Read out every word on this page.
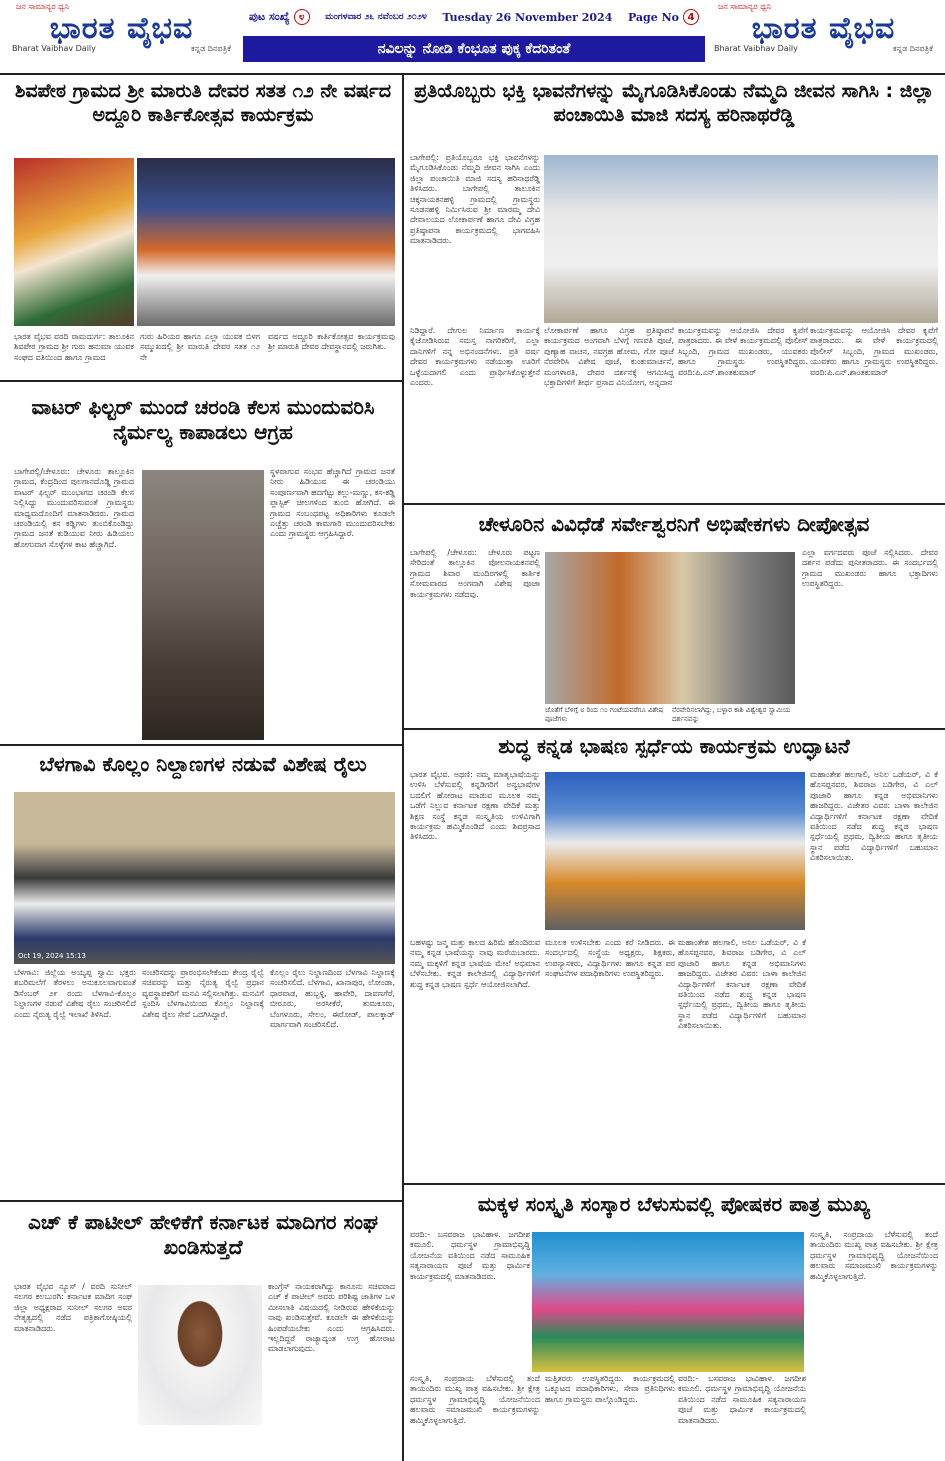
ಜನ ಸಾಮಾನ್ಯರ ಧ್ವನಿ
ಭಾರತ ವೈಭವ
Bharat Vaibhav Daily	ಕನ್ನಡ ದಿನಪತ್ರಿಕೆ
ಪುಟ ಸಂಖ್ಯೆ ೪	ಮಂಗಳವಾರ ೨೬ ನವೆಂಬರ ೨೦೨೪ Tuesday 26 November 2024 Page No 4
ನವಿಲನ್ನು ನೋಡಿ ಕೆಂಭೂತ ಪುಕ್ಕ ಕೆದರಿತಂತೆ
ಜನ ಸಾಮಾನ್ಯರ ಧ್ವನಿ
ಭಾರತ ವೈಭವ
Bharat Vaibhav Daily	ಕನ್ನಡ ದಿನಪತ್ರಿಕೆ
ಶಿವಪೇಠ ಗ್ರಾಮದ ಶ್ರೀ ಮಾರುತಿ ದೇವರ ಸತತ ೧೨ ನೇ ವರ್ಷದ ಅದ್ದೂರಿ ಕಾರ್ತಿಕೋತ್ಸವ ಕಾರ್ಯಕ್ರಮ
ಭಾರತ ವೈಭವ ವರದಿ ರಾಮದುರ್ಗ: ತಾಲೂಕಿನ ಶಿವಪೇಠ ಗ್ರಾಮದ ಶ್ರೀ ಗುರು ಹನುಮಾ ಯುವಕ ಸಂಘದ ವತಿಯಿಂದ ಹಾಗೂ ಗ್ರಾಮದ
ಗುರು ಹಿರಿಯರ ಹಾಗೂ ಎಲ್ಲಾ ಯುವಕ ಬಿಳಗ ಸಮ್ಮುಖದಲ್ಲಿ ಶ್ರೀ ಮಾರುತಿ ದೇವರ ಸತತ ೧೨ ನೇ
ವರ್ಷದ ಅದ್ದೂರಿ ಕಾರ್ತಿಕೋತ್ಸವ ಕಾರ್ಯಕ್ರಮವು ಶ್ರೀ ಮಾರುತಿ ದೇವರ ದೇವಸ್ಥಾನದಲ್ಲಿ ಜರುಗಿತು.
ವಾಟರ್ ಫಿಲ್ಟರ್ ಮುಂದೆ ಚರಂಡಿ ಕೆಲಸ ಮುಂದುವರಿಸಿ ನೈರ್ಮಲ್ಯ ಕಾಪಾಡಲು ಆಗ್ರಹ
ಬಾಗೇಪಲ್ಲಿ/ಚೇಳೂರು: ಚೇಳೂರು ತಾಲ್ಲೂಕಿನ ಗ್ರಾಮದ, ಕೆಂದ್ರದಿಂದ ಪುಲಗಾನದೊಡ್ಡಿ ಗ್ರಾಮದ ವಾಟರ್ ಫಿಲ್ಟರ್ ಮುಂಭಾಗದ ಚರಂಡಿ ಕೆಲಸ ನಿಲ್ಲಿಸಿದ್ದು ಮುಂದುವರಿಸುವಂತೆ ಗ್ರಾಮಸ್ಥರು ಮಾಧ್ಯಮದೊಂದಿಗೆ ಮಾತನಾಡಿದರು. ಗ್ರಾಮದ ಚರಂಡಿಯಲ್ಲಿ ಕಸ ಕಡ್ಡಿಗಳು ತುಂಬಿಕೊಂಡಿದ್ದು ಗ್ರಾಮದ ಜನತೆ ಕುಡಿಯುವ ನೀರು ಹಿಡಿಯಲು ಹೋಗುವಾಗ ಸೊಳ್ಳೆಗಳ ಕಾಟ ಹೆಚ್ಚಾಗಿದೆ.
ಸ್ಥಳವಾಗುವ ಸಂಭವ ಹೆಚ್ಚಾಗಿದೆ ಗ್ರಾಮದ ಜನತೆ ನೀರು ಹಿಡಿಯುವ ಈ ಚರಂಡಿಯು ಸಂಪೂರ್ಣವಾಗಿ ಹದಗೆಟ್ಟು ಕಲ್ಲು-ಮಣ್ಣು, ಕಸ-ಕಡ್ಡಿ ಪ್ಲಾಸ್ಟಿಕ್ ಚೀಲಗಳಿಂದ ತುಂಬಿ ಹೋಗಿದೆ. ಈ ಗ್ರಾಮದ ಸಂಬಂಧಪಟ್ಟ ಅಧಿಕಾರಿಗಳು ಕೂಡಲೇ ಎಚ್ಚೆತ್ತು ಚರಂಡಿ ಕಾಮಗಾರಿ ಮುಂದುವರಿಸಬೇಕು ಎಂದು ಗ್ರಾಮಸ್ಥರು ಆಗ್ರಹಿಸಿದ್ದಾರೆ.
ಬೆಳಗಾವಿ ಕೊಲ್ಲಂ ನಿಲ್ದಾಣಗಳ ನಡುವೆ ವಿಶೇಷ ರೈಲು
Oct 19, 2024 15:13
ಬೆಳಗಾವಿ: ಜಿಲ್ಲೆಯ ಅಯ್ಯಪ್ಪ ಸ್ವಾಮಿ ಭಕ್ತರು ಶಬರಿಮಲೆಗೆ ತೆರಳಲು ಅನುಕೂಲವಾಗುವಂತೆ ಡಿಸೆಂಬರ್ ೨೯ ರಂದು ಬೆಳಗಾವಿ-ಕೊಲ್ಲಂ ನಿಲ್ದಾಣಗಳ ನಡುವೆ ವಿಶೇಷ ರೈಲು ಸಂಚರಿಸಲಿದೆ ಎಂದು ನೈರುತ್ಯ ರೈಲ್ವೆ ಇಲಾಖೆ ತಿಳಿಸಿದೆ.
ಸಂಚರಿಸದನ್ನು ಪ್ರಾರಂಭಿಸಲೇಕೆಂದು ಕೇಂದ್ರ ರೈಲ್ವೆ ಸಚಿವರನ್ನು ಮತ್ತು ನೈರುತ್ಯ ರೈಲ್ವೆ ಪ್ರಧಾನ ವ್ಯವಸ್ಥಾಪಕರಿಗೆ ಮನವಿ ಸಲ್ಲಿಸಲಾಗಿತ್ತು. ಮನವಿಗೆ ಸ್ಪಂದಿಸಿ ಬೆಳಗಾವಿಯಿಂದ ಕೊಲ್ಲಂ ನಿಲ್ದಾಣಕ್ಕೆ ವಿಶೇಷ ರೈಲು ಸೇವೆ ಒದಗಿಸಿದ್ದಾರೆ.
ಕೊಲ್ಲಂ ರೈಲು ನಿಲ್ದಾಣದಿಂದ ಬೆಳಗಾವಿ ನಿಲ್ದಾಣಕ್ಕೆ ಸಂಚರಿಸಲಿದೆ. ಬೆಳಗಾವಿ, ಖಾನಾಪುರ, ಲೋಂಡಾ, ಧಾರವಾಡ, ಹುಬ್ಬಳ್ಳಿ, ಹಾವೇರಿ, ದಾವಣಗೆರೆ, ಬೀರೂರು, ಅರಸೀಕೆರೆ, ತುಮಕೂರು, ಬೆಂಗಳೂರು, ಸೇಲಂ, ಈರೋಡ್, ಪಾಲಕ್ಕಾಡ್ ಮಾರ್ಗವಾಗಿ ಸಂಚರಿಸಲಿದೆ.
ಎಚ್ ಕೆ ಪಾಟೀಲ್ ಹೇಳಿಕೆಗೆ ಕರ್ನಾಟಕ ಮಾದಿಗರ ಸಂಘ ಖಂಡಿಸುತ್ತದೆ
ಭಾರತ ವೈಭವ ನ್ಯೂಸ್ / ವರದಿ ಸುನೀಲ್ ಸಲಗರ ಕಲಬುರಗಿ: ಕರ್ನಾಟಕ ಮಾದಿಗ ಸಂಘ ಜಿಲ್ಲಾ ಅಧ್ಯಕ್ಷರಾದ ಸುನೀಲ್ ಸಲಗರ ಅವರ ನೇತೃತ್ವದಲ್ಲಿ ನಡೆದ ಪತ್ರಿಕಾಗೋಷ್ಠಿಯಲ್ಲಿ ಮಾತನಾಡಿದರು.
ಕಾಂಗ್ರೆಸ್ ನಾಯಕರಾಗಿದ್ದು ಕಾನೂನು ಸಚಿವರಾದ ಎಚ್ ಕೆ ಪಾಟೀಲ್ ಅವರು ಪರಿಶಿಷ್ಟ ಜಾತಿಗಳ ಒಳ ಮೀಸಲಾತಿ ವಿಷಯದಲ್ಲಿ ನೀಡಿರುವ ಹೇಳಿಕೆಯನ್ನು ನಾವು ಖಂಡಿಸುತ್ತೇವೆ. ಕೂಡಲೇ ಈ ಹೇಳಿಕೆಯನ್ನು ಹಿಂಪಡೆಯಬೇಕು ಎಂದು ಆಗ್ರಹಿಸಿದರು. ಇಲ್ಲದಿದ್ದರೆ ರಾಜ್ಯಾದ್ಯಂತ ಉಗ್ರ ಹೋರಾಟ ಮಾಡಲಾಗುವುದು.
ಪ್ರತಿಯೊಬ್ಬರು ಭಕ್ತಿ ಭಾವನೆಗಳನ್ನು ಮೈಗೂಡಿಸಿಕೊಂಡು ನೆಮ್ಮದಿ ಜೀವನ ಸಾಗಿಸಿ : ಜಿಲ್ಲಾ ಪಂಚಾಯಿತಿ ಮಾಜಿ ಸದಸ್ಯ ಹರಿನಾಥರೆಡ್ಡಿ
ಬಾಗೇಪಲ್ಲಿ: ಪ್ರತಿಯೊಬ್ಬರೂ ಭಕ್ತಿ ಭಾವನೆಗಳನ್ನು ಮೈಗೂಡಿಸಿಕೊಂಡು ನೆಮ್ಮದಿ ಜೀವನ ಸಾಗಿಸಿ ಎಂದು ಜಿಲ್ಲಾ ಪಂಚಾಯಿತಿ ಮಾಜಿ ಸದಸ್ಯ ಹರಿನಾಥರೆಡ್ಡಿ ತಿಳಿಸಿದರು. ಬಾಗೇಪಲ್ಲಿ ತಾಲೂಕಿನ ಚಿಕ್ಕನಾಯಕನಹಳ್ಳಿ ಗ್ರಾಮದಲ್ಲಿ ಗ್ರಾಮಸ್ಥರು ಸೂಡನಹಳ್ಳಿ ನಿರ್ಮಿಸಿರುವ ಶ್ರೀ ಮಾರಮ್ಮ ದೇವಿ ದೇವಾಲಯದ ಲೋಕಾರ್ಪಣೆ ಹಾಗೂ ದೇವಿ ವಿಗ್ರಹ ಪ್ರತಿಷ್ಠಾಪನಾ ಕಾರ್ಯಕ್ರಮದಲ್ಲಿ ಭಾಗವಹಿಸಿ ಮಾತನಾಡಿದರು.
ನಿಡಿದ್ದಾರೆ. ದೇಗುಲ ನಿರ್ಮಾಣ ಕಾರ್ಯಕ್ಕೆ ಕೈಜೋಡಿಸಿರುವ ಸಮಸ್ತ ನಾಗರಿಕರಿಗೆ, ಎಲ್ಲಾ ದಾನಿಗಳಿಗೆ ನನ್ನ ಅಭಿನಂದನೆಗಳು. ಪ್ರತಿ ವರ್ಷ ದೇವರ ಕಾರ್ಯಕ್ರಮಗಳು ನಡೆಯುತ್ತಾ ಊರಿಗೆ ಒಳ್ಳೆಯದಾಗಲಿ ಎಂದು ಪ್ರಾರ್ಥಿಸಿಕೊಳ್ಳುತ್ತೇನೆ ಎಂದರು.
ಲೋಕಾರ್ಪಣೆ ಹಾಗೂ ವಿಗ್ರಹ ಪ್ರತಿಷ್ಠಾಪನೆ ಕಾರ್ಯಕ್ರಮದ ಅಂಗವಾಗಿ ಬೆಳಗ್ಗೆ ಗಣಪತಿ ಪೂಜೆ, ಪುಣ್ಯಾಹ ವಾಚನ, ನವಗ್ರಹ ಹೋಮ, ಗೋ ಪೂಜೆ ನೆರವೇರಿಸಿ ವಿಶೇಷ ಪೂಜೆ, ಕುಂಕುಮಾರ್ಚನೆ, ಮಂಗಳಾರತಿ, ದೇವರ ದರ್ಶನಕ್ಕೆ ಆಗಮಿಸಿದ್ದ ಭಕ್ತಾದಿಗಳಿಗೆ ತೀರ್ಥ ಪ್ರಸಾದ ವಿನಿಯೋಗ, ಅನ್ನದಾನ
ಕಾರ್ಯಕ್ರಮವನ್ನು ಆಯೋಜಿಸಿ ದೇವರ ಕೃಪೆಗೆ ಪಾತ್ರರಾದರು. ಈ ವೇಳೆ ಕಾರ್ಯಕ್ರಮದಲ್ಲಿ ಪೊಲೀಸ್ ಸಿಬ್ಬಂದಿ, ಗ್ರಾಮದ ಮುಖಂಡರು, ಯುವಕರು ಹಾಗೂ ಗ್ರಾಮಸ್ಥರು ಉಪಸ್ಥಿತರಿದ್ದರು. ವರದಿ:ಪಿ.ಎನ್.ಶಾಂತಕುಮಾರ್
ಕಾರ್ಯಕ್ರಮವನ್ನು ಆಯೋಜಿಸಿ ದೇವರ ಕೃಪೆಗೆ ಪಾತ್ರರಾದರು. ಈ ವೇಳೆ ಕಾರ್ಯಕ್ರಮದಲ್ಲಿ ಪೊಲೀಸ್ ಸಿಬ್ಬಂದಿ, ಗ್ರಾಮದ ಮುಖಂಡರು, ಯುವಕರು ಹಾಗೂ ಗ್ರಾಮಸ್ಥರು ಉಪಸ್ಥಿತರಿದ್ದರು. ವರದಿ:ಪಿ.ಎನ್.ಶಾಂತಕುಮಾರ್
ಚೇಳೂರಿನ ವಿವಿಧೆಡೆ ಸರ್ವೇಶ್ವರನಿಗೆ ಅಭಿಷೇಕಗಳು ದೀಪೋತ್ಸವ
ಬಾಗೇಪಲ್ಲಿ /ಚೇಳೂರು: ಚೇಳೂರು ಪಟ್ಟಣ ಸೇರಿದಂತೆ ತಾಲ್ಲೂಕಿನ ಪೋಲನಾಯಕನಪಲ್ಲಿ ಗ್ರಾಮದ ಶಿವಾರ ಮಂದಿರಗಳಲ್ಲಿ ಕಾರ್ತಿಕ ಸೋಮವಾರದ ಅಂಗವಾಗಿ ವಿಶೇಷ ಪೂಜಾ ಕಾರ್ಯಕ್ರಮಗಳು ನಡೆದವು.
ಜೊತೆಗೆ ಬೆಳಿಗ್ಗೆ ೮ ರಿಂದ ೧೦ ಗಂಟೆಯವರೆಗೂ ವಿಶೇಷ ಪೂಜೆಗಳು
ನೆರವೇರಿಸಲಾಗಿದ್ದು, ಬಳ್ಳಾರ ಕಾಶಿ ವಿಶ್ವೇಶ್ವರ ಸ್ವಾಮಿಯ ದರ್ಶನವನ್ನು
ಎಲ್ಲಾ ವರ್ಗದವರು ಪೂಜೆ ಸಲ್ಲಿಸಿದರು. ದೇವರ ದರ್ಶನ ಪಡೆದು ಪುನೀತರಾದರು. ಈ ಸಂದರ್ಭದಲ್ಲಿ ಗ್ರಾಮದ ಮುಖಂಡರು ಹಾಗೂ ಭಕ್ತಾದಿಗಳು ಉಪಸ್ಥಿತರಿದ್ದರು.
ಶುದ್ಧ ಕನ್ನಡ ಭಾಷಣ ಸ್ಪರ್ಧೆಯ ಕಾರ್ಯಕ್ರಮ ಉದ್ಘಾಟನೆ
ಭಾರತ ವೈಭವ. ಅಥಣಿ: ನಮ್ಮ ಮಾತೃಭಾಷೆಯನ್ನು ಉಳಿಸಿ ಬೆಳೆಸುವಲ್ಲಿ ಕನ್ನಡಿಗರಿಗೆ ಅನ್ಯಭಾಷೆಗಳ ಬದಲಿಗೆ ಹೋರಾಟ ಮಾಡುವ ಮೂಲಕ ನಮ್ಮ ಒಡೆಗೆ ನಿಲ್ಲುವ ಕರ್ನಾಟಕ ರಕ್ಷಣಾ ವೇದಿಕೆ ಮತ್ತು ಶಿಕ್ಷಣ ಸಂಸ್ಥೆ ಕನ್ನಡ ಸಂಸ್ಕೃತಿಯ ಉಳಿವಿಗಾಗಿ ಕಾರ್ಯಕ್ರಮ ಹಮ್ಮಿಕೊಂಡಿದೆ ಎಂದು ಶಿವಪ್ರಸಾದ ತಿಳಿಸಿದರು.
ಮಹಾಂತೇಶ ಹಲಗಾಲಿ, ಅನಿಲ ಒಡೆಯರ್, ವಿ ಕೆ ಹೊಸಪ್ಪನವರ, ಶಿವರಾಜ ಬಡಿಗೇರ, ವಿ ಎಲ್ ಪೂಜಾರಿ ಹಾಗೂ ಕನ್ನಡ ಅಭಿಮಾನಿಗಳು ಹಾಜರಿದ್ದರು. ವಿಜೇತರ ವಿವರ: ಬಾಳಾ ಕಾಲೇಜಿನ ವಿದ್ಯಾರ್ಥಿಗಳಿಗೆ ಕರ್ನಾಟಕ ರಕ್ಷಣಾ ವೇದಿಕೆ ವತಿಯಿಂದ ನಡೆದ ಶುದ್ಧ ಕನ್ನಡ ಭಾಷಣ ಸ್ಪರ್ಧೆಯಲ್ಲಿ ಪ್ರಥಮ, ದ್ವಿತೀಯ ಹಾಗೂ ತೃತೀಯ ಸ್ಥಾನ ಪಡೆದ ವಿದ್ಯಾರ್ಥಿಗಳಿಗೆ ಬಹುಮಾನ ವಿತರಿಸಲಾಯಿತು.
ಬಹಳಷ್ಟು ಜನ್ಮ ಮತ್ತು ಕಾಲದ ಹಿರಿಮೆ ಹೊಂದಿರುವ ನಮ್ಮ ಕನ್ನಡ ಭಾಷೆಯನ್ನು ನಾವು ಮರೆಯಬಾರದು. ನಮ್ಮ ಮಕ್ಕಳಿಗೆ ಕನ್ನಡ ಭಾಷೆಯ ಮೇಲೆ ಅಭಿಮಾನ ಬೆಳೆಸಬೇಕು. ಕನ್ನಡ ಕಾಲೇಜಿನಲ್ಲಿ ವಿದ್ಯಾರ್ಥಿಗಳಿಗೆ ಶುದ್ಧ ಕನ್ನಡ ಭಾಷಣ ಸ್ಪರ್ಧೆ ಆಯೋಜಿಸಲಾಗಿದೆ.
ಮೂಲಕ ಉಳಿಸಬೇಕು ಎಂದು ಕರೆ ನೀಡಿದರು. ಈ ಸಂದರ್ಭದಲ್ಲಿ ಸಂಸ್ಥೆಯ ಅಧ್ಯಕ್ಷರು, ಶಿಕ್ಷಕರು, ಉಪನ್ಯಾಸಕರು, ವಿದ್ಯಾರ್ಥಿಗಳು ಹಾಗೂ ಕನ್ನಡ ಪರ ಸಂಘಟನೆಗಳ ಪದಾಧಿಕಾರಿಗಳು ಉಪಸ್ಥಿತರಿದ್ದರು.
ಮಹಾಂತೇಶ ಹಲಗಾಲಿ, ಅನಿಲ ಒಡೆಯರ್, ವಿ ಕೆ ಹೊಸಪ್ಪನವರ, ಶಿವರಾಜ ಬಡಿಗೇರ, ವಿ ಎಲ್ ಪೂಜಾರಿ ಹಾಗೂ ಕನ್ನಡ ಅಭಿಮಾನಿಗಳು ಹಾಜರಿದ್ದರು. ವಿಜೇತರ ವಿವರ: ಬಾಳಾ ಕಾಲೇಜಿನ ವಿದ್ಯಾರ್ಥಿಗಳಿಗೆ ಕರ್ನಾಟಕ ರಕ್ಷಣಾ ವೇದಿಕೆ ವತಿಯಿಂದ ನಡೆದ ಶುದ್ಧ ಕನ್ನಡ ಭಾಷಣ ಸ್ಪರ್ಧೆಯಲ್ಲಿ ಪ್ರಥಮ, ದ್ವಿತೀಯ ಹಾಗೂ ತೃತೀಯ ಸ್ಥಾನ ಪಡೆದ ವಿದ್ಯಾರ್ಥಿಗಳಿಗೆ ಬಹುಮಾನ ವಿತರಿಸಲಾಯಿತು.
ಮಕ್ಕಳ ಸಂಸ್ಕೃತಿ ಸಂಸ್ಕಾರ ಬೆಳುಸುವಲ್ಲಿ ಪೋಷಕರ ಪಾತ್ರ ಮುಖ್ಯ
ವರದಿ:- ಬಸವರಾಜ ಭಾವಿಹಾಳ. ಜಗದೀಶ ಕಮೂಲಿ. ಧರ್ಮಸ್ಥಳ ಗ್ರಾಮಾಭಿವೃದ್ಧಿ ಯೋಜನೆಯ ವತಿಯಿಂದ ನಡೆದ ಸಾಮೂಹಿಕ ಸತ್ಯನಾರಾಯಣ ಪೂಜೆ ಮತ್ತು ಧಾರ್ಮಿಕ ಕಾರ್ಯಕ್ರಮದಲ್ಲಿ ಮಾತನಾಡಿದರು.
ಸಂಸ್ಕೃತಿ, ಸಂಪ್ರದಾಯ ಬೆಳೆಸುವಲ್ಲಿ ತಂದೆ ತಾಯಂದಿರು ಮುಖ್ಯ ಪಾತ್ರ ವಹಿಸಬೇಕು. ಶ್ರೀ ಕ್ಷೇತ್ರ ಧರ್ಮಸ್ಥಳ ಗ್ರಾಮಾಭಿವೃದ್ಧಿ ಯೋಜನೆಯಿಂದ ಹಲವಾರು ಸಮಾಜಮುಖಿ ಕಾರ್ಯಕ್ರಮಗಳನ್ನು ಹಮ್ಮಿಕೊಳ್ಳಲಾಗುತ್ತಿದೆ.
ಸಂಸ್ಕೃತಿ, ಸಂಪ್ರದಾಯ ಬೆಳೆಸುವಲ್ಲಿ ತಂದೆ ತಾಯಂದಿರು ಮುಖ್ಯ ಪಾತ್ರ ವಹಿಸಬೇಕು. ಶ್ರೀ ಕ್ಷೇತ್ರ ಧರ್ಮಸ್ಥಳ ಗ್ರಾಮಾಭಿವೃದ್ಧಿ ಯೋಜನೆಯಿಂದ ಹಲವಾರು ಸಮಾಜಮುಖಿ ಕಾರ್ಯಕ್ರಮಗಳನ್ನು ಹಮ್ಮಿಕೊಳ್ಳಲಾಗುತ್ತಿದೆ.
ಮತ್ತಿತರರು ಉಪಸ್ಥಿತರಿದ್ದರು. ಕಾರ್ಯಕ್ರಮದಲ್ಲಿ ಒಕ್ಕೂಟದ ಪದಾಧಿಕಾರಿಗಳು, ಸೇವಾ ಪ್ರತಿನಿಧಿಗಳು ಹಾಗೂ ಗ್ರಾಮಸ್ಥರು ಪಾಲ್ಗೊಂಡಿದ್ದರು.
ವರದಿ:- ಬಸವರಾಜ ಭಾವಿಹಾಳ. ಜಗದೀಶ ಕಮೂಲಿ. ಧರ್ಮಸ್ಥಳ ಗ್ರಾಮಾಭಿವೃದ್ಧಿ ಯೋಜನೆಯ ವತಿಯಿಂದ ನಡೆದ ಸಾಮೂಹಿಕ ಸತ್ಯನಾರಾಯಣ ಪೂಜೆ ಮತ್ತು ಧಾರ್ಮಿಕ ಕಾರ್ಯಕ್ರಮದಲ್ಲಿ ಮಾತನಾಡಿದರು.
